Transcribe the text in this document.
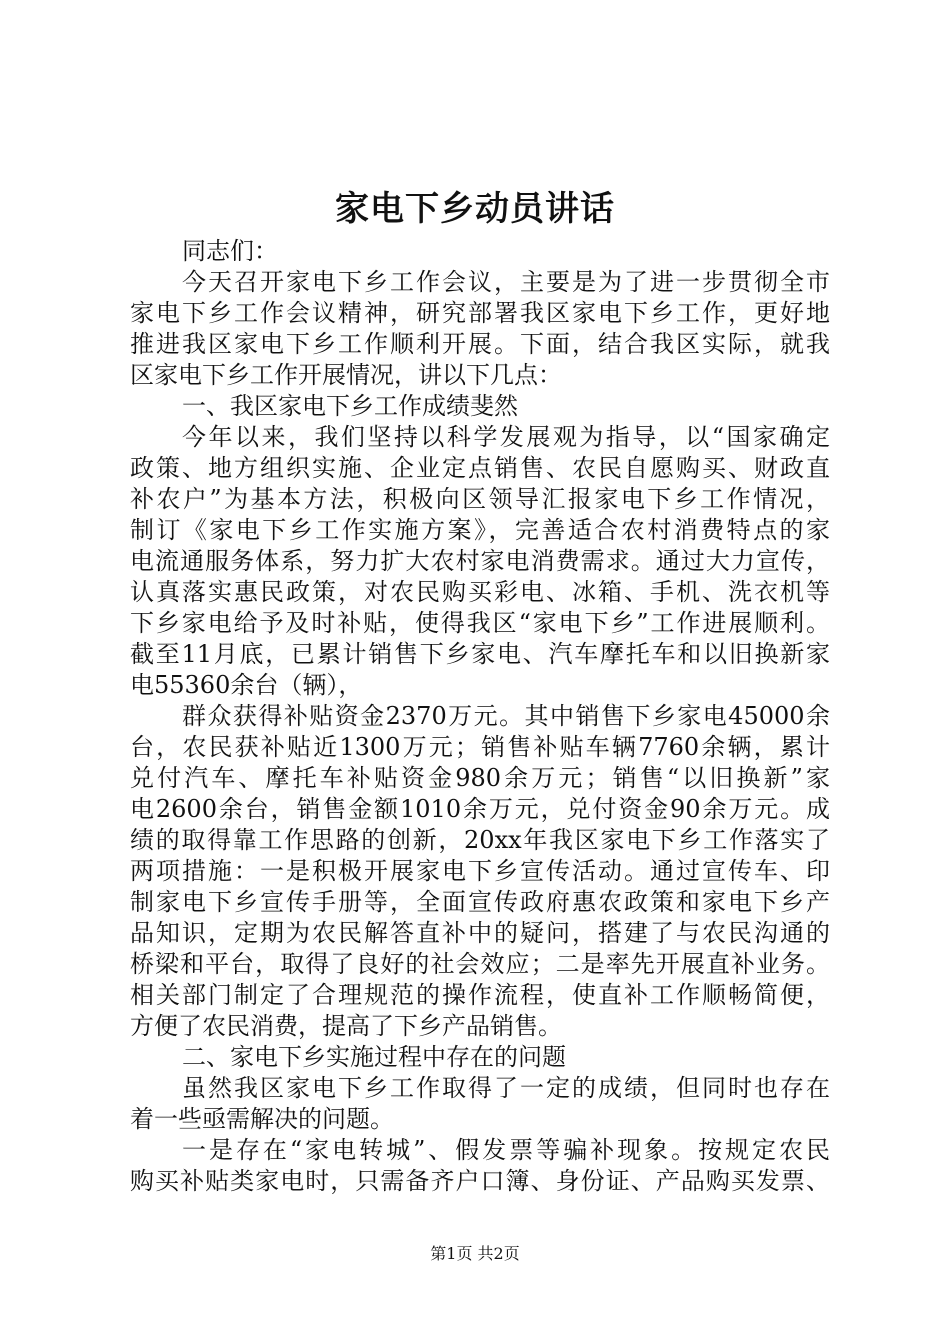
家电下乡动员讲话
同志们：
今天召开家电下乡工作会议，主要是为了进一步贯彻全市
家电下乡工作会议精神，研究部署我区家电下乡工作，更好地
推进我区家电下乡工作顺利开展。下面，结合我区实际，就我
区家电下乡工作开展情况，讲以下几点：
一、我区家电下乡工作成绩斐然
今年以来，我们坚持以科学发展观为指导，以“国家确定
政策、地方组织实施、企业定点销售、农民自愿购买、财政直
补农户”为基本方法，积极向区领导汇报家电下乡工作情况，
制订《家电下乡工作实施方案》，完善适合农村消费特点的家
电流通服务体系，努力扩大农村家电消费需求。通过大力宣传，
认真落实惠民政策，对农民购买彩电、冰箱、手机、洗衣机等
下乡家电给予及时补贴，使得我区“家电下乡”工作进展顺利。
截至11月底，已累计销售下乡家电、汽车摩托车和以旧换新家
电55360余台（辆），
群众获得补贴资金2370万元。其中销售下乡家电45000余
台，农民获补贴近1300万元；销售补贴车辆7760余辆，累计
兑付汽车、摩托车补贴资金980余万元；销售“以旧换新”家
电2600余台，销售金额1010余万元，兑付资金90余万元。成
绩的取得靠工作思路的创新，20xx年我区家电下乡工作落实了
两项措施：一是积极开展家电下乡宣传活动。通过宣传车、印
制家电下乡宣传手册等，全面宣传政府惠农政策和家电下乡产
品知识，定期为农民解答直补中的疑问，搭建了与农民沟通的
桥梁和平台，取得了良好的社会效应；二是率先开展直补业务。
相关部门制定了合理规范的操作流程，使直补工作顺畅简便，
方便了农民消费，提高了下乡产品销售。
二、家电下乡实施过程中存在的问题
虽然我区家电下乡工作取得了一定的成绩，但同时也存在
着一些亟需解决的问题。
一是存在“家电转城”、假发票等骗补现象。按规定农民
购买补贴类家电时，只需备齐户口簿、身份证、产品购买发票、
第1页 共2页
